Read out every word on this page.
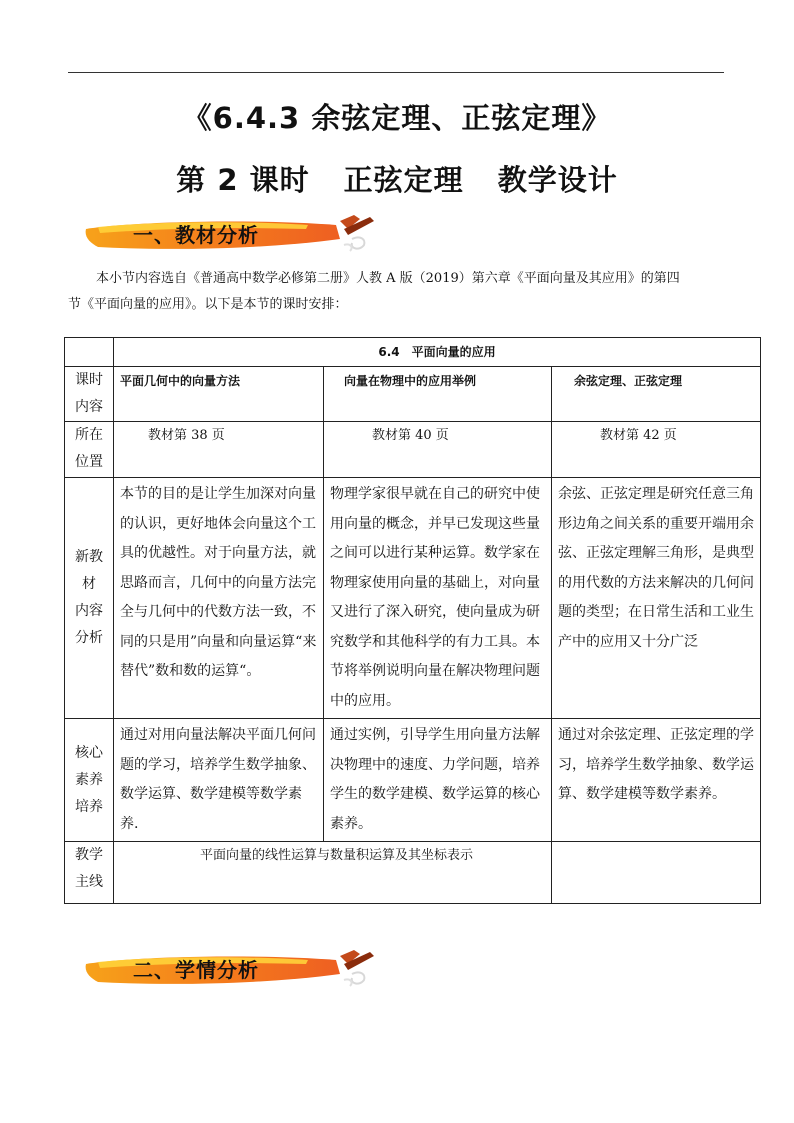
《6.4.3 余弦定理、正弦定理》
第 2 课时 正弦定理 教学设计
一、教材分析
本小节内容选自《普通高中数学必修第二册》人教 A 版（2019）第六章《平面向量及其应用》的第四
节《平面向量的应用》。以下是本节的课时安排：
	6.4　平面向量的应用		

课时
内容	平面几何中的向量方法	向量在物理中的应用举例	余弦定理、正弦定理

所在
位置	教材第 38 页	教材第 40 页	教材第 42 页

新教
材
内容
分析	本节的目的是让学生加深对向量的认识，更好地体会向量这个工具的优越性。对于向量方法，就思路而言，几何中的向量方法完全与几何中的代数方法一致，不同的只是用”向量和向量运算“来替代”数和数的运算“。	物理学家很早就在自己的研究中使用向量的概念，并早已发现这些量之间可以进行某种运算。数学家在物理家使用向量的基础上，对向量又进行了深入研究，使向量成为研究数学和其他科学的有力工具。本节将举例说明向量在解决物理问题中的应用。	余弦、正弦定理是研究任意三角形边角之间关系的重要开端用余弦、正弦定理解三角形，是典型的用代数的方法来解决的几何问题的类型；在日常生活和工业生产中的应用又十分广泛

核心
素养
培养	通过对用向量法解决平面几何问题的学习，培养学生数学抽象、数学运算、数学建模等数学素养.	通过实例，引导学生用向量方法解决物理中的速度、力学问题，培养学生的数学建模、数学运算的核心素养。	通过对余弦定理、正弦定理的学习，培养学生数学抽象、数学运算、数学建模等数学素养。

教学
主线	平面向量的线性运算与数量积运算及其坐标表示		
二、学情分析
